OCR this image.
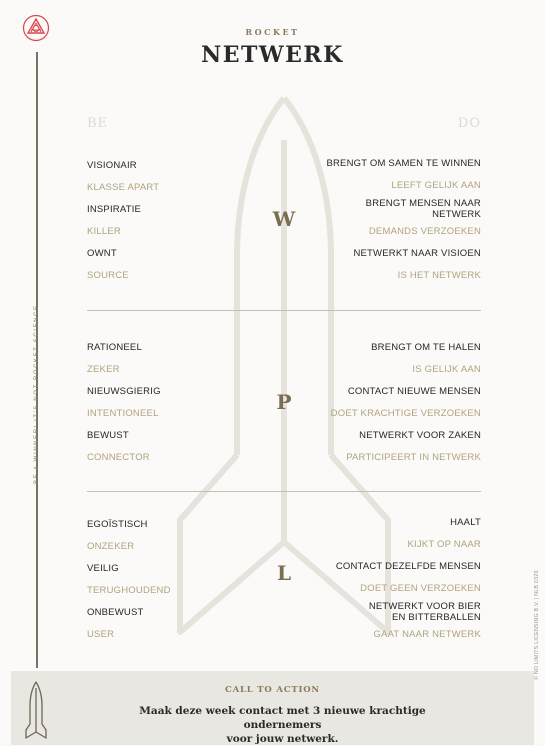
BE A WINNER! IT'S NOT ROCKET SCIENCE
© NO LIMITS LICENSING B.V. | NLB 0320
ROCKET
NETWERK
BE	DO
VISIONAIR
KLASSE APART
INSPIRATIE
KILLER
OWNT
SOURCE
BRENGT OM SAMEN TE WINNEN
LEEFT GELIJK AAN
BRENGT MENSEN NAAR
NETWERK
DEMANDS VERZOEKEN
NETWERKT NAAR VISIOEN
IS HET NETWERK
W
RATIONEEL
ZEKER
NIEUWSGIERIG
INTENTIONEEL
BEWUST
CONNECTOR
BRENGT OM TE HALEN
IS GELIJK AAN
CONTACT NIEUWE MENSEN
DOET KRACHTIGE VERZOEKEN
NETWERKT VOOR ZAKEN
PARTICIPEERT IN NETWERK
P
EGOÏSTISCH
ONZEKER
VEILIG
TERUGHOUDEND
ONBEWUST
USER
HAALT
KIJKT OP NAAR
CONTACT DEZELFDE MENSEN
DOET GEEN VERZOEKEN
NETWERKT VOOR BIER
EN BITTERBALLEN
GAAT NAAR NETWERK
L
CALL TO ACTION
Maak deze week contact met 3 nieuwe krachtige ondernemers
voor jouw netwerk.
